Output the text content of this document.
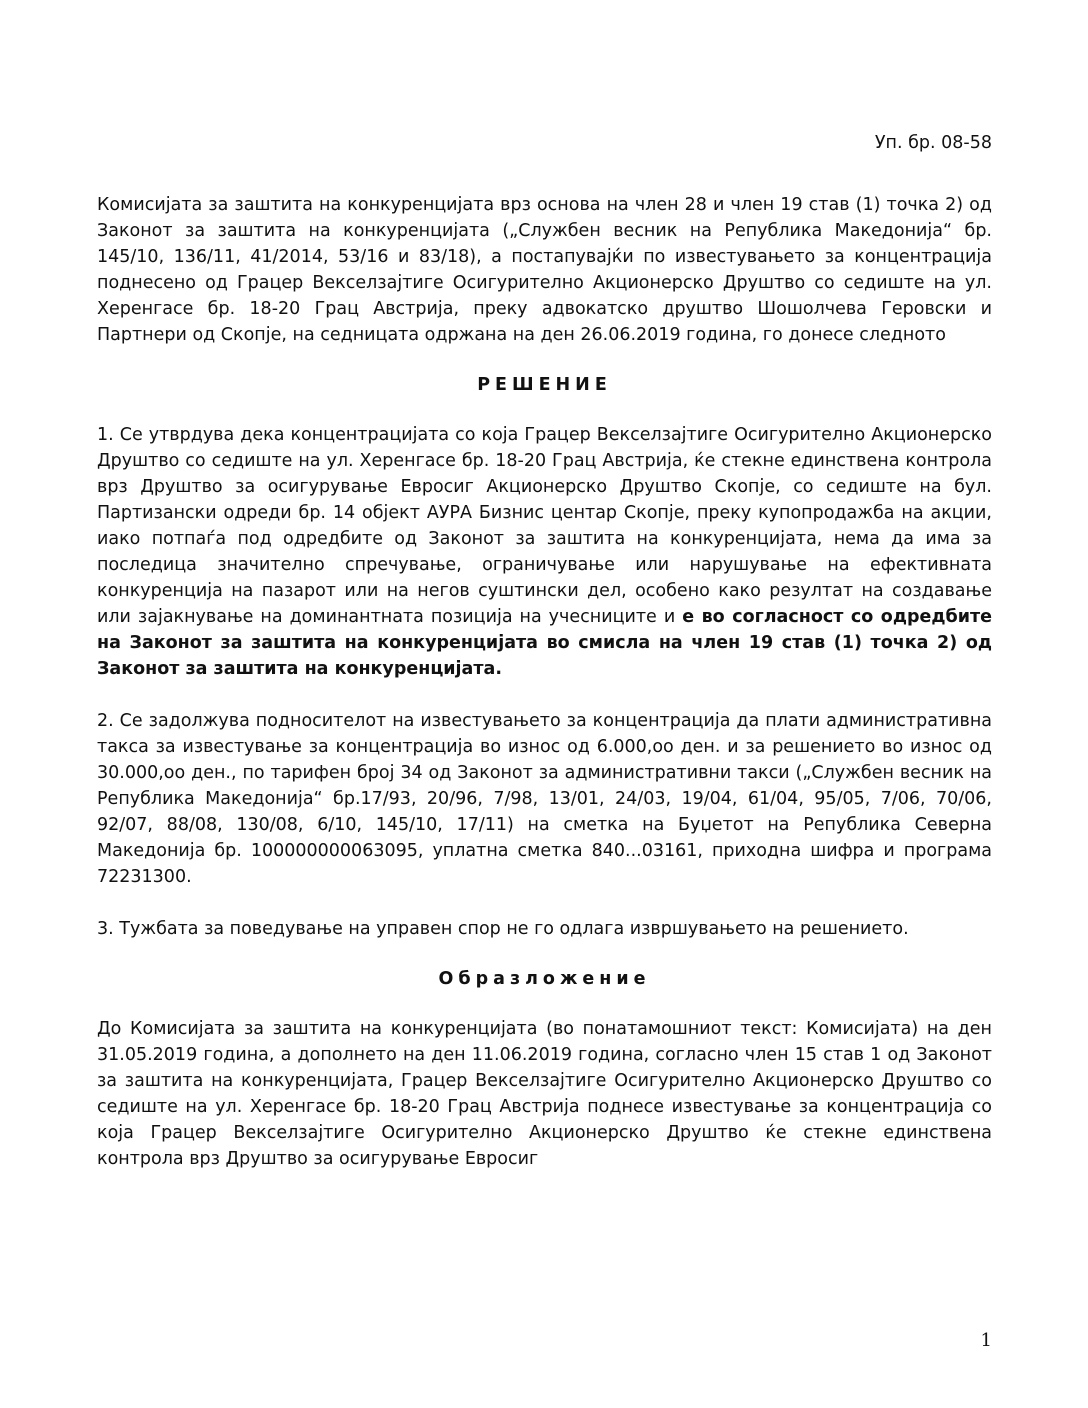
Уп. бр. 08-58

Комисијата за заштита на конкуренцијата врз основа на член 28 и член 19 став (1) точка 2) од Законот за заштита на конкуренцијата („Службен весник на Република Македонија“ бр. 145/10, 136/11, 41/2014, 53/16 и 83/18), а постапувајќи по известувањето за концентрација поднесено од Грацер Векселзајтиге Осигурително Акционерско Друштво со седиште на ул. Херенгасе бр. 18-20 Грац Австрија, преку адвокатско друштво Шошолчева Геровски и Партнери од Скопје, на седницата одржана на ден 26.06.2019 година, го донесе следното

РЕШЕНИЕ

1. Се утврдува дека концентрацијата со која Грацер Векселзајтиге Осигурително Акционерско Друштво со седиште на ул. Херенгасе бр. 18-20 Грац Австрија, ќе стекне единствена контрола врз Друштво за осигурување Евросиг Акционерско Друштво Скопје, со седиште на бул. Партизански одреди бр. 14 објект АУРА Бизнис центар Скопје, преку купопродажба на акции, иако потпаѓа под одредбите од Законот за заштита на конкуренцијата, нема да има за последица значително спречување, ограничување или нарушување на ефективната конкуренција на пазарот или на негов суштински дел, особено како резултат на создавање или зајакнување на доминантната позиција на учесниците и е во согласност со одредбите на Законот за заштита на конкуренцијата во смисла на член 19 став (1) точка 2) од Законот за заштита на конкуренцијата.

2. Се задолжува подносителот на известувањето за концентрација да плати административна такса за известување за концентрација во износ од 6.000,оо ден. и за решението во износ од 30.000,оо ден., по тарифен број 34 од Законот за административни такси („Службен весник на Република Македонија“ бр.17/93, 20/96, 7/98, 13/01, 24/03, 19/04, 61/04, 95/05, 7/06, 70/06, 92/07, 88/08, 130/08, 6/10, 145/10, 17/11) на сметка на Буџетот на Република Северна Македонија бр. 100000000063095, уплатна сметка 840...03161, приходна шифра и програма 72231300.

3. Тужбата за поведување на управен спор не го одлага извршувањето на решението.

Образложение

До Комисијата за заштита на конкуренцијата (во понатамошниот текст: Комисијата) на ден 31.05.2019 година, а дополнето на ден 11.06.2019 година, согласно член 15 став 1 од Законот за заштита на конкуренцијата, Грацер Векселзајтиге Осигурително Акционерско Друштво со седиште на ул. Херенгасе бр. 18-20 Грац Австрија поднесе известување за концентрација со која Грацер Векселзајтиге Осигурително Акционерско Друштво ќе стекне единствена контрола врз Друштво за осигурување Евросиг

1
